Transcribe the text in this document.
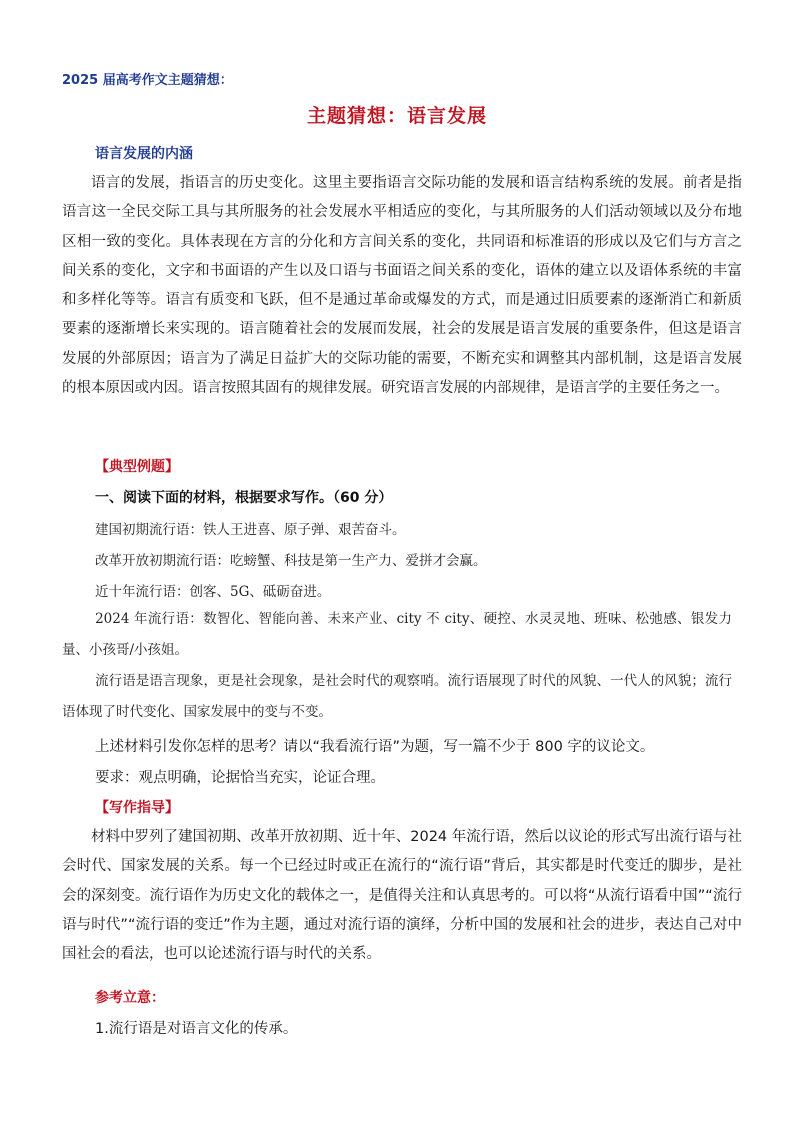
2025 届高考作文主题猜想：
主题猜想：语言发展
语言发展的内涵

语言的发展，指语言的历史变化。这里主要指语言交际功能的发展和语言结构系统的发展。前者是指语言这一全民交际工具与其所服务的社会发展水平相适应的变化，与其所服务的人们活动领域以及分布地区相一致的变化。具体表现在方言的分化和方言间关系的变化，共同语和标准语的形成以及它们与方言之间关系的变化，文字和书面语的产生以及口语与书面语之间关系的变化，语体的建立以及语体系统的丰富和多样化等等。语言有质变和飞跃，但不是通过革命或爆发的方式，而是通过旧质要素的逐渐消亡和新质要素的逐渐增长来实现的。语言随着社会的发展而发展，社会的发展是语言发展的重要条件，但这是语言发展的外部原因；语言为了满足日益扩大的交际功能的需要，不断充实和调整其内部机制，这是语言发展的根本原因或内因。语言按照其固有的规律发展。研究语言发展的内部规律，是语言学的主要任务之一。

【典型例题】
一、阅读下面的材料，根据要求写作。（60 分）
建国初期流行语：铁人王进喜、原子弹、艰苦奋斗。
改革开放初期流行语：吃螃蟹、科技是第一生产力、爱拼才会赢。
近十年流行语：创客、5G、砥砺奋进。

2024 年流行语：数智化、智能向善、未来产业、city 不 city、硬控、水灵灵地、班味、松弛感、银发力量、小孩哥/小孩姐。

流行语是语言现象，更是社会现象，是社会时代的观察哨。流行语展现了时代的风貌、一代人的风貌；流行语体现了时代变化、国家发展中的变与不变。

上述材料引发你怎样的思考？请以“我看流行语”为题，写一篇不少于 800 字的议论文。
要求：观点明确，论据恰当充实，论证合理。
【写作指导】

材料中罗列了建国初期、改革开放初期、近十年、2024 年流行语，然后以议论的形式写出流行语与社会时代、国家发展的关系。每一个已经过时或正在流行的“流行语”背后，其实都是时代变迁的脚步，是社会的深刻变。流行语作为历史文化的载体之一，是值得关注和认真思考的。可以将“从流行语看中国”“流行语与时代”“流行语的变迁”作为主题，通过对流行语的演绎，分析中国的发展和社会的进步，表达自己对中国社会的看法，也可以论述流行语与时代的关系。

参考立意：
1.流行语是对语言文化的传承。
